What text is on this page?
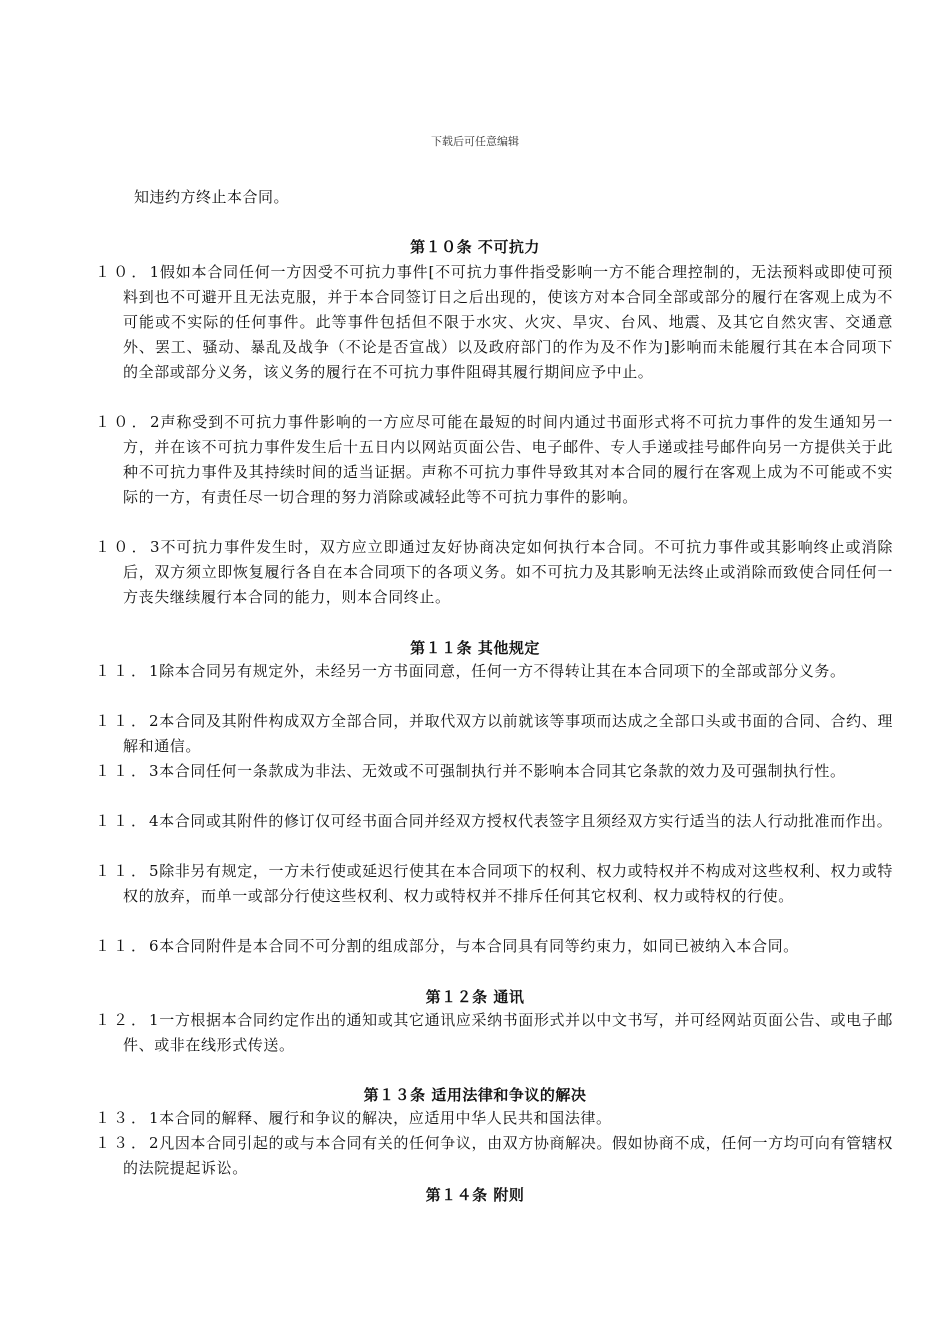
下载后可任意编辑
知违约方终止本合同。
第１０条 不可抗力
１０．1假如本合同任何一方因受不可抗力事件[不可抗力事件指受影响一方不能合理控制的，无法预料或即使可预料到也不可避开且无法克服，并于本合同签订日之后出现的，使该方对本合同全部或部分的履行在客观上成为不可能或不实际的任何事件。此等事件包括但不限于水灾、火灾、旱灾、台风、地震、及其它自然灾害、交通意外、罢工、骚动、暴乱及战争（不论是否宣战）以及政府部门的作为及不作为]影响而未能履行其在本合同项下的全部或部分义务，该义务的履行在不可抗力事件阻碍其履行期间应予中止。
１０．2声称受到不可抗力事件影响的一方应尽可能在最短的时间内通过书面形式将不可抗力事件的发生通知另一方，并在该不可抗力事件发生后十五日内以网站页面公告、电子邮件、专人手递或挂号邮件向另一方提供关于此种不可抗力事件及其持续时间的适当证据。声称不可抗力事件导致其对本合同的履行在客观上成为不可能或不实际的一方，有责任尽一切合理的努力消除或减轻此等不可抗力事件的影响。
１０．3不可抗力事件发生时，双方应立即通过友好协商决定如何执行本合同。不可抗力事件或其影响终止或消除后，双方须立即恢复履行各自在本合同项下的各项义务。如不可抗力及其影响无法终止或消除而致使合同任何一方丧失继续履行本合同的能力，则本合同终止。
第１１条 其他规定
１１．1除本合同另有规定外，未经另一方书面同意，任何一方不得转让其在本合同项下的全部或部分义务。
１１．2本合同及其附件构成双方全部合同，并取代双方以前就该等事项而达成之全部口头或书面的合同、合约、理解和通信。
１１．3本合同任何一条款成为非法、无效或不可强制执行并不影响本合同其它条款的效力及可强制执行性。
１１．4本合同或其附件的修订仅可经书面合同并经双方授权代表签字且须经双方实行适当的法人行动批准而作出。
１１．5除非另有规定，一方未行使或延迟行使其在本合同项下的权利、权力或特权并不构成对这些权利、权力或特权的放弃，而单一或部分行使这些权利、权力或特权并不排斥任何其它权利、权力或特权的行使。
１１．6本合同附件是本合同不可分割的组成部分，与本合同具有同等约束力，如同已被纳入本合同。
第１２条 通讯
１２．1一方根据本合同约定作出的通知或其它通讯应采纳书面形式并以中文书写，并可经网站页面公告、或电子邮件、或非在线形式传送。
第１３条 适用法律和争议的解决
１３．1本合同的解释、履行和争议的解决，应适用中华人民共和国法律。
１３．2凡因本合同引起的或与本合同有关的任何争议，由双方协商解决。假如协商不成，任何一方均可向有管辖权的法院提起诉讼。
第１４条 附则
